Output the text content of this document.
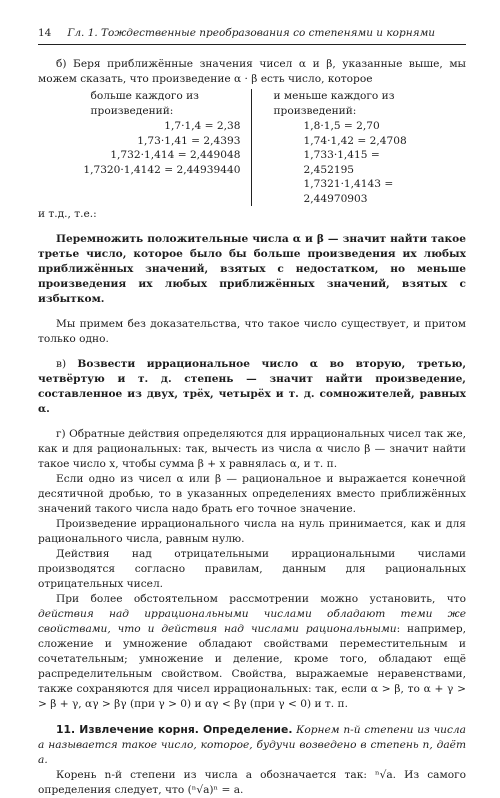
14 Гл. 1. Тождественные преобразования со степенями и корнями

б) Беря приближённые значения чисел α и β, указанные выше, мы можем сказать, что произведение α · β есть число, которое

больше каждого из
произведений:
1,7·1,4 = 2,38
1,73·1,41 = 2,4393
1,732·1,414 = 2,449048
1,7320·1,4142 = 2,44939440
и меньше каждого из
произведений:
1,8·1,5 = 2,70
1,74·1,42 = 2,4708
1,733·1,415 = 2,452195
1,7321·1,4143 = 2,44970903

и т.д., т.е.:

Перемножить положительные числа α и β — значит найти такое третье число, которое было бы больше произведения их любых приближённых значений, взятых с недостатком, но меньше произведения их любых приближённых значений, взятых с избытком.

Мы примем без доказательства, что такое число существует, и притом только одно.

в) Возвести иррациональное число α во вторую, третью, четвёртую и т. д. степень — значит найти произведение, составленное из двух, трёх, четырёх и т. д. сомножителей, равных α.

г) Обратные действия определяются для иррациональных чисел так же, как и для рациональных: так, вычесть из числа α число β — значит найти такое число x, чтобы сумма β + x равнялась α, и т. п.

Если одно из чисел α или β — рациональное и выражается конечной десятичной дробью, то в указанных определениях вместо приближённых значений такого числа надо брать его точное значение.

Произведение иррационального числа на нуль принимается, как и для рационального числа, равным нулю.

Действия над отрицательными иррациональными числами производятся согласно правилам, данным для рациональных отрицательных чисел.

При более обстоятельном рассмотрении можно установить, что действия над иррациональными числами обладают теми же свойствами, что и действия над числами рациональными: например, сложение и умножение обладают свойствами переместительным и сочетательным; умножение и деление, кроме того, обладают ещё распределительным свойством. Свойства, выражаемые неравенствами, также сохраняются для чисел иррациональных: так, если α > β, то α + γ > > β + γ, αγ > βγ (при γ > 0) и αγ < βγ (при γ < 0) и т. п.

11. Извлечение корня. Определение. Корнем n-й степени из числа a называется такое число, которое, будучи возведено в степень n, даёт a.

Корень n-й степени из числа a обозначается так: ⁿ√a. Из самого определения следует, что (ⁿ√a)ⁿ = a.
